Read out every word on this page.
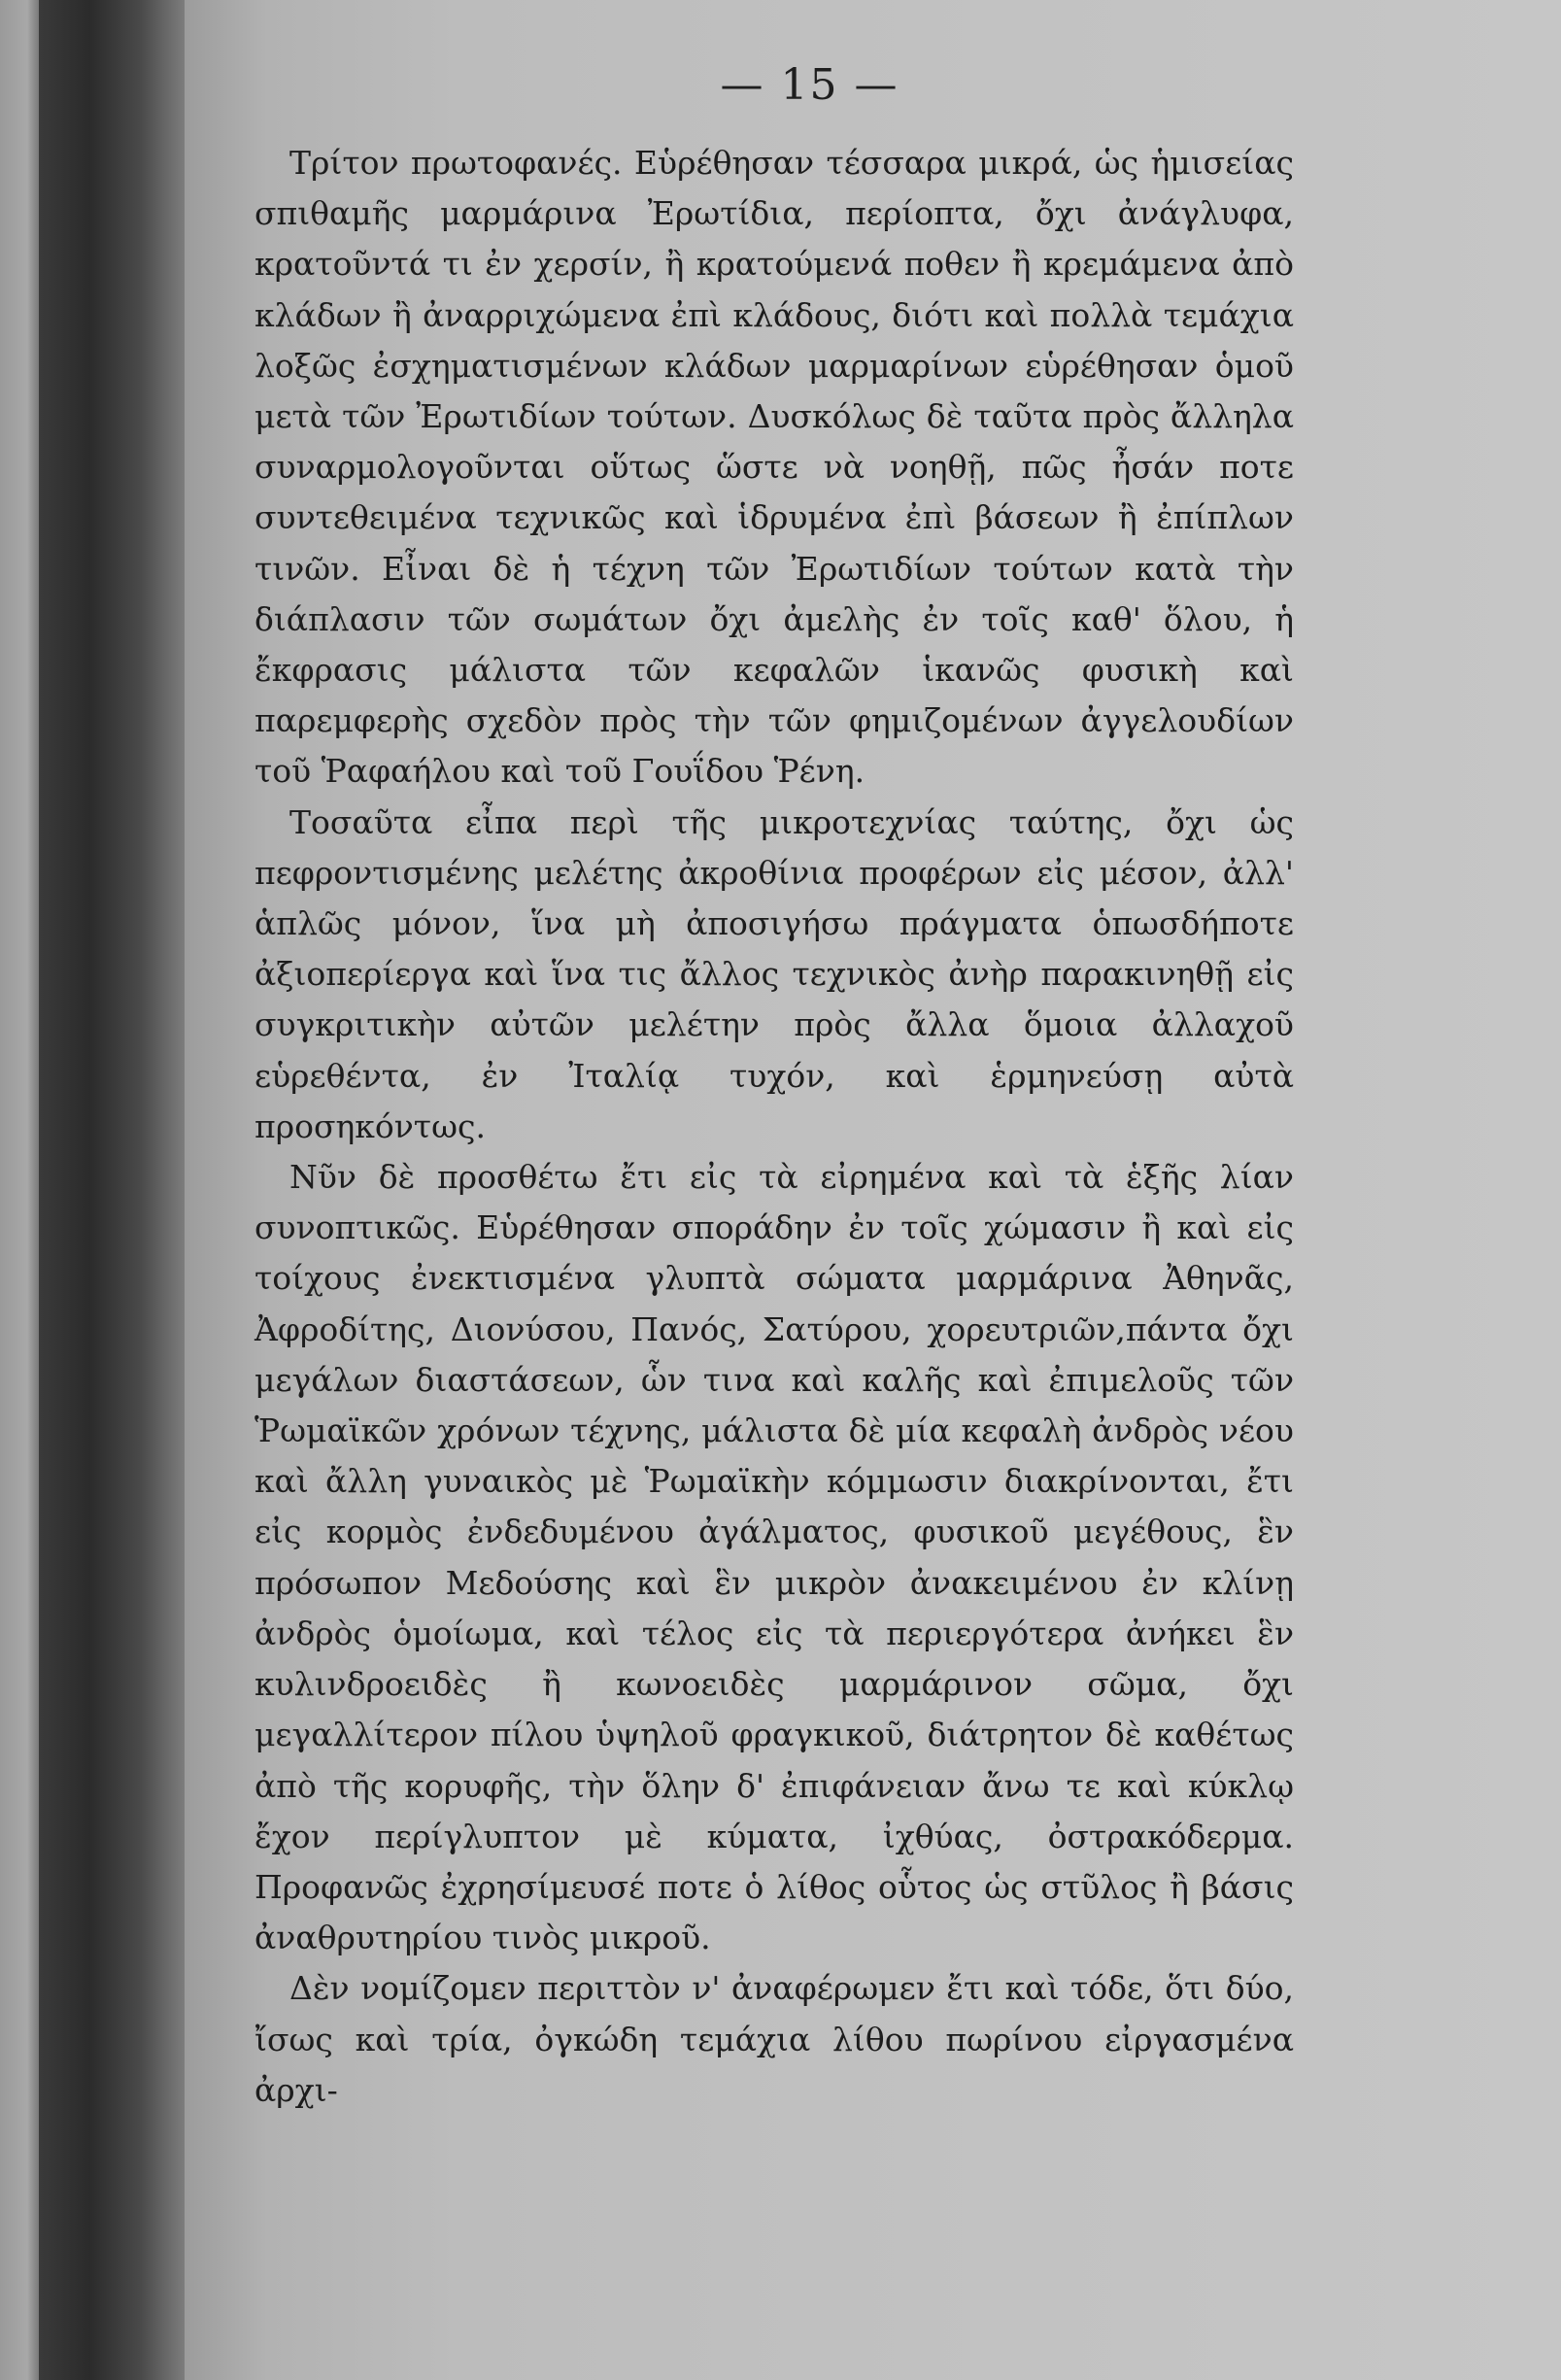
— 15 —

Τρίτον πρωτοφανές. Εὑρέθησαν τέσσαρα μικρά, ὡς ἡμισείας σπιθαμῆς μαρμάρινα Ἐρωτίδια, περίοπτα, ὄχι ἀνάγλυφα, κρατοῦντά τι ἐν χερσίν, ἢ κρατούμενά ποθεν ἢ κρεμάμενα ἀπὸ κλάδων ἢ ἀναρριχώμενα ἐπὶ κλάδους, διότι καὶ πολλὰ τεμάχια λοξῶς ἐσχηματισμένων κλάδων μαρμαρίνων εὑρέθησαν ὁμοῦ μετὰ τῶν Ἐρωτιδίων τούτων. Δυσκόλως δὲ ταῦτα πρὸς ἄλληλα συναρμολογοῦνται οὕτως ὥστε νὰ νοηθῇ, πῶς ἦσάν ποτε συντεθειμένα τεχνικῶς καὶ ἱδρυμένα ἐπὶ βάσεων ἢ ἐπίπλων τινῶν. Εἶναι δὲ ἡ τέχνη τῶν Ἐρωτιδίων τούτων κατὰ τὴν διάπλασιν τῶν σωμάτων ὄχι ἀμελὴς ἐν τοῖς καθ' ὅλου, ἡ ἔκφρασις μάλιστα τῶν κεφαλῶν ἱκανῶς φυσικὴ καὶ παρεμφερὴς σχεδὸν πρὸς τὴν τῶν φημιζομένων ἀγγελουδίων τοῦ Ῥαφαήλου καὶ τοῦ Γουΐδου Ῥένη.

Τοσαῦτα εἶπα περὶ τῆς μικροτεχνίας ταύτης, ὄχι ὡς πεφροντισμένης μελέτης ἀκροθίνια προφέρων εἰς μέσον, ἀλλ' ἁπλῶς μόνον, ἵνα μὴ ἀποσιγήσω πράγματα ὁπωσδήποτε ἀξιοπερίεργα καὶ ἵνα τις ἄλλος τεχνικὸς ἀνὴρ παρακινηθῇ εἰς συγκριτικὴν αὐτῶν μελέτην πρὸς ἄλλα ὅμοια ἀλλαχοῦ εὑρεθέντα, ἐν Ἰταλίᾳ τυχόν, καὶ ἑρμηνεύσῃ αὐτὰ προσηκόντως.

Νῦν δὲ προσθέτω ἔτι εἰς τὰ εἰρημένα καὶ τὰ ἑξῆς λίαν συνοπτικῶς. Εὑρέθησαν σποράδην ἐν τοῖς χώμασιν ἢ καὶ εἰς τοίχους ἐνεκτισμένα γλυπτὰ σώματα μαρμάρινα Ἀθηνᾶς, Ἀφροδίτης, Διονύσου, Πανός, Σατύρου, χορευτριῶν,πάντα ὄχι μεγάλων διαστάσεων, ὧν τινα καὶ καλῆς καὶ ἐπιμελοῦς τῶν Ῥωμαϊκῶν χρόνων τέχνης, μάλιστα δὲ μία κεφαλὴ ἀνδρὸς νέου καὶ ἄλλη γυναικὸς μὲ Ῥωμαϊκὴν κόμμωσιν διακρίνονται, ἔτι εἰς κορμὸς ἐνδεδυμένου ἀγάλματος, φυσικοῦ μεγέθους, ἓν πρόσωπον Μεδούσης καὶ ἓν μικρὸν ἀνακειμένου ἐν κλίνῃ ἀνδρὸς ὁμοίωμα, καὶ τέλος εἰς τὰ περιεργότερα ἀνήκει ἓν κυλινδροειδὲς ἢ κωνοειδὲς μαρμάρινον σῶμα, ὄχι μεγαλλίτερον πίλου ὑψηλοῦ φραγκικοῦ, διάτρητον δὲ καθέτως ἀπὸ τῆς κορυφῆς, τὴν ὅλην δ' ἐπιφάνειαν ἄνω τε καὶ κύκλῳ ἔχον περίγλυπτον μὲ κύματα, ἰχθύας, ὀστρακόδερμα. Προφανῶς ἐχρησίμευσέ ποτε ὁ λίθος οὗτος ὡς στῦλος ἢ βάσις ἀναθρυτηρίου τινὸς μικροῦ.

Δὲν νομίζομεν περιττὸν ν' ἀναφέρωμεν ἔτι καὶ τόδε, ὅτι δύο, ἴσως καὶ τρία, ὀγκώδη τεμάχια λίθου πωρίνου εἰργασμένα ἀρχι-
